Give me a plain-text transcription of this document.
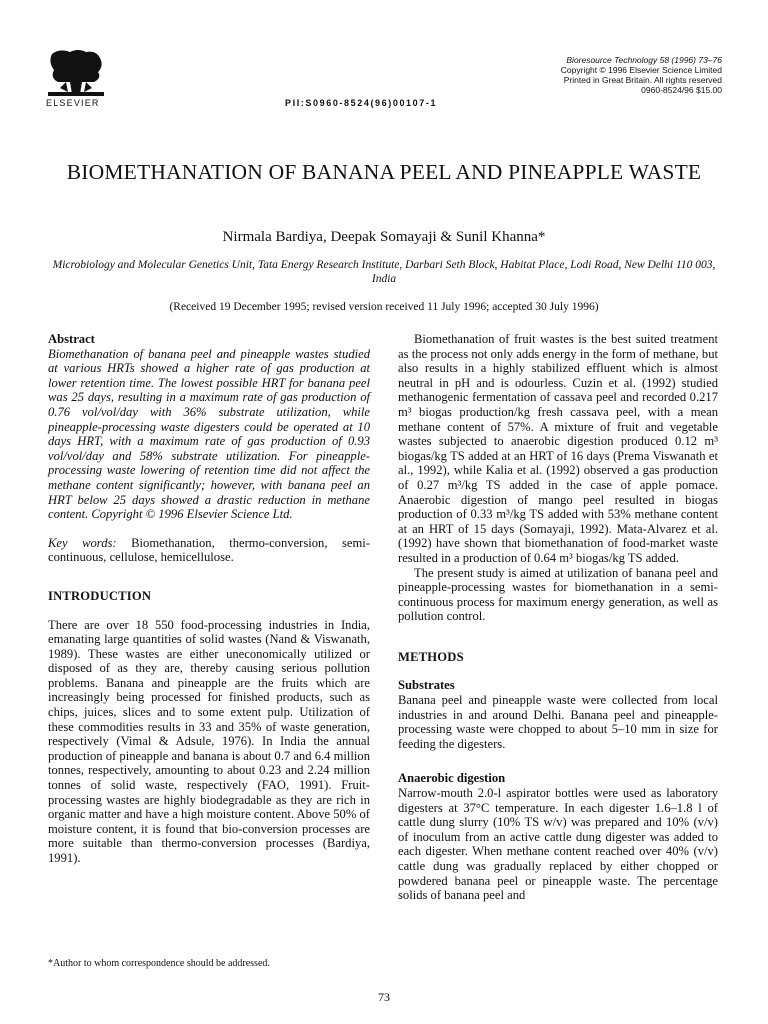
ELSEVIER
Bioresource Technology 58 (1996) 73–76
Copyright © 1996 Elsevier Science Limited
Printed in Great Britain. All rights reserved
0960-8524/96 $15.00
PII:S0960-8524(96)00107-1
BIOMETHANATION OF BANANA PEEL AND PINEAPPLE WASTE
Nirmala Bardiya, Deepak Somayaji & Sunil Khanna*
Microbiology and Molecular Genetics Unit, Tata Energy Research Institute, Darbari Seth Block, Habitat Place, Lodi Road, New Delhi 110 003, India
(Received 19 December 1995; revised version received 11 July 1996; accepted 30 July 1996)

Abstract

Biomethanation of banana peel and pineapple wastes studied at various HRTs showed a higher rate of gas production at lower retention time. The lowest possible HRT for banana peel was 25 days, resulting in a maximum rate of gas production of 0.76 vol/vol/day with 36% substrate utilization, while pineapple-processing waste digesters could be operated at 10 days HRT, with a maximum rate of gas production of 0.93 vol/vol/day and 58% substrate utilization. For pineapple-processing waste lowering of retention time did not affect the methane content significantly; however, with banana peel an HRT below 25 days showed a drastic reduction in methane content. Copyright © 1996 Elsevier Science Ltd.

Key words: Biomethanation, thermo-conversion, semi-continuous, cellulose, hemicellulose.

INTRODUCTION

There are over 18 550 food-processing industries in India, emanating large quantities of solid wastes (Nand & Viswanath, 1989). These wastes are either uneconomically utilized or disposed of as they are, thereby causing serious pollution problems. Banana and pineapple are the fruits which are increasingly being processed for finished products, such as chips, juices, slices and to some extent pulp. Utilization of these commodities results in 33 and 35% of waste generation, respectively (Vimal & Adsule, 1976). In India the annual production of pineapple and banana is about 0.7 and 6.4 million tonnes, respectively, amounting to about 0.23 and 2.24 million tonnes of solid waste, respectively (FAO, 1991). Fruit-processing wastes are highly biodegradable as they are rich in organic matter and have a high moisture content. Above 50% of moisture content, it is found that bio-conversion processes are more suitable than thermo-conversion processes (Bardiya, 1991).

Biomethanation of fruit wastes is the best suited treatment as the process not only adds energy in the form of methane, but also results in a highly stabilized effluent which is almost neutral in pH and is odourless. Cuzin et al. (1992) studied methanogenic fermentation of cassava peel and recorded 0.217 m³ biogas production/kg fresh cassava peel, with a mean methane content of 57%. A mixture of fruit and vegetable wastes subjected to anaerobic digestion produced 0.12 m³ biogas/kg TS added at an HRT of 16 days (Prema Viswanath et al., 1992), while Kalia et al. (1992) observed a gas production of 0.27 m³/kg TS added in the case of apple pomace. Anaerobic digestion of mango peel resulted in biogas production of 0.33 m³/kg TS added with 53% methane content at an HRT of 15 days (Somayaji, 1992). Mata-Alvarez et al. (1992) have shown that biomethanation of food-market waste resulted in a production of 0.64 m³ biogas/kg TS added.

The present study is aimed at utilization of banana peel and pineapple-processing wastes for biomethanation in a semi-continuous process for maximum energy generation, as well as pollution control.

METHODS

Substrates

Banana peel and pineapple waste were collected from local industries in and around Delhi. Banana peel and pineapple-processing waste were chopped to about 5–10 mm in size for feeding the digesters.

Anaerobic digestion

Narrow-mouth 2.0-l aspirator bottles were used as laboratory digesters at 37°C temperature. In each digester 1.6–1.8 l of cattle dung slurry (10% TS w/v) was prepared and 10% (v/v) of inoculum from an active cattle dung digester was added to each digester. When methane content reached over 40% (v/v) cattle dung was gradually replaced by either chopped or powdered banana peel or pineapple waste. The percentage solids of banana peel and

*Author to whom correspondence should be addressed.
73
